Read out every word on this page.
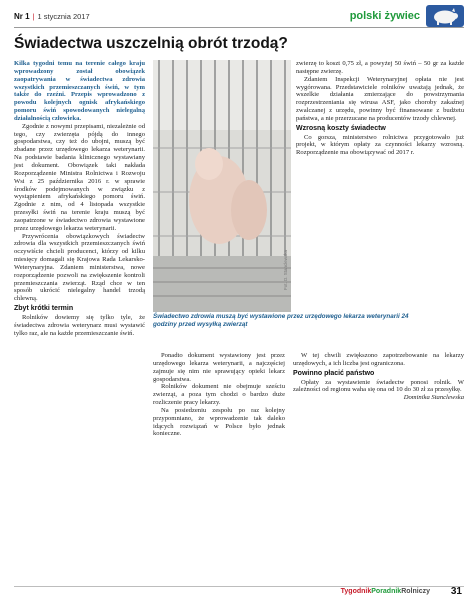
Nr 1 | 1 stycznia 2017	polski żywiec
Świadectwa uszczelnią obrót trzodą?

Kilka tygodni temu na terenie całego kraju wprowadzony został obowiązek zaopatrywania w świadectwa zdrowia wszystkich przemieszczanych świń, w tym także do rzeźni. Przepis wprowadzono z powodu kolejnych ognisk afrykańskiego pomoru świń spowodowanych nielegalną działalnością człowieka.

Zgodnie z nowymi przepisami, niezależnie od tego, czy zwierzęta pójdą do innego gospodarstwa, czy też do ubojni, muszą być zbadane przez urzędowego lekarza weterynarii. Na podstawie badania klinicznego wystawiany jest dokument. Obowiązek taki nakłada Rozporządzenie Ministra Rolnictwa i Rozwoju Wsi z 25 października 2016 r. w sprawie środków podejmowanych w związku z wystąpieniem afrykańskiego pomoru świń. Zgodnie z nim, od 4 listopada wszystkie przesyłki świń na terenie kraju muszą być zaopatrzone w świadectwo zdrowia wystawione przez urzędowego lekarza weterynarii.

Przywrócenia obowiązkowych świadectw zdrowia dla wszystkich przemieszczanych świń oczywiście chcieli producenci, którzy od kilku miesięcy domagali się Krajowa Rada Lekarsko-Weterynaryjna. Zdaniem ministerstwa, nowe rozporządzenie pozwoli na zwiększenie kontroli przemieszczania zwierząt. Rząd chce w ten sposób ukrócić nielegalny handel trzodą chlewną.

Zbyt krótki termin

Rolników dowiemy się tylko tyle, że świadectwa zdrowia weterynarz musi wystawić tylko raz, ale na każde przemieszczanie świń.

Fot. D. Stanclewska

zwierzę to koszt 0,75 zł, a powyżej 50 świń – 50 gr za każde następne zwierzę.

Zdaniem Inspekcji Weterynaryjnej opłata nie jest wygórowana. Przedstawiciele rolników uważają jednak, że wszelkie działania zmierzające do powstrzymania rozprzestrzeniania się wirusa ASF, jako choroby zakaźnej zwalczanej z urzędu, powinny być finansowane z budżetu państwa, a nie przerzucane na producentów trzody chlewnej.

Wzrosną koszty świadectw

Co gorsza, ministerstwo rolnictwa przygotowało już projekt, w którym opłaty za czynności lekarzy wzrosną. Rozporządzenie ma obowiązywać od 2017 r.

Świadectwo zdrowia muszą być wystawione przez urzędowego lekarza weterynarii 24 godziny przed wysyłką zwierząt

Ponadto dokument wystawiony jest przez urzędowego lekarza weterynarii, a najczęściej zajmuje się nim nie sprawujący opieki lekarz gospodarstwa.

Rolników dokument nie obejmuje sześciu zwierząt, a poza tym chodzi o bardzo duże rozliczenie pracy lekarzy.

Na posiedzeniu zespołu po raz kolejny przypomniano, że wprowadzenie tak daleko idących rozwiązań w Polsce było jednak konieczne.

W tej chwili zwiększono zapotrzebowanie na lekarzy urzędowych, a ich liczba jest ograniczona.

Powinno płacić państwo

Opłaty za wystawienie świadectw ponosi rolnik. W zależności od regionu waha się ona od 10 do 30 zł za przesyłkę.

Dominika Stanclewska

TygodnikPoradnikRolniczy 31
